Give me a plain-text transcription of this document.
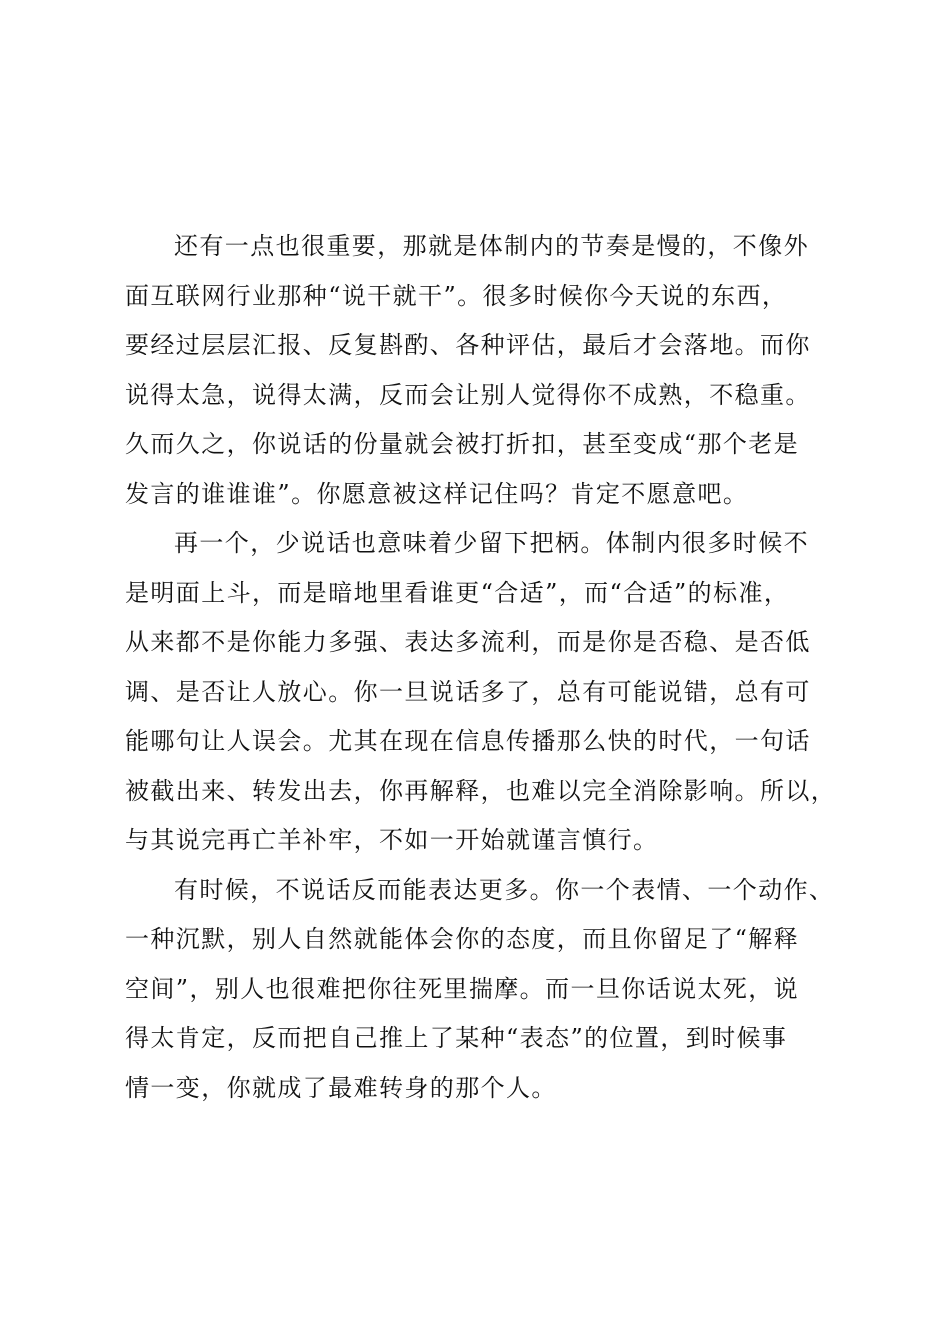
还有一点也很重要，那就是体制内的节奏是慢的，不像外
面互联网行业那种“说干就干”。很多时候你今天说的东西，
要经过层层汇报、反复斟酌、各种评估，最后才会落地。而你
说得太急，说得太满，反而会让别人觉得你不成熟，不稳重。
久而久之，你说话的份量就会被打折扣，甚至变成“那个老是
发言的谁谁谁”。你愿意被这样记住吗？肯定不愿意吧。
再一个，少说话也意味着少留下把柄。体制内很多时候不
是明面上斗，而是暗地里看谁更“合适”，而“合适”的标准，
从来都不是你能力多强、表达多流利，而是你是否稳、是否低
调、是否让人放心。你一旦说话多了，总有可能说错，总有可
能哪句让人误会。尤其在现在信息传播那么快的时代，一句话
被截出来、转发出去，你再解释，也难以完全消除影响。所以，
与其说完再亡羊补牢，不如一开始就谨言慎行。
有时候，不说话反而能表达更多。你一个表情、一个动作、
一种沉默，别人自然就能体会你的态度，而且你留足了“解释
空间”，别人也很难把你往死里揣摩。而一旦你话说太死，说
得太肯定，反而把自己推上了某种“表态”的位置，到时候事
情一变，你就成了最难转身的那个人。
